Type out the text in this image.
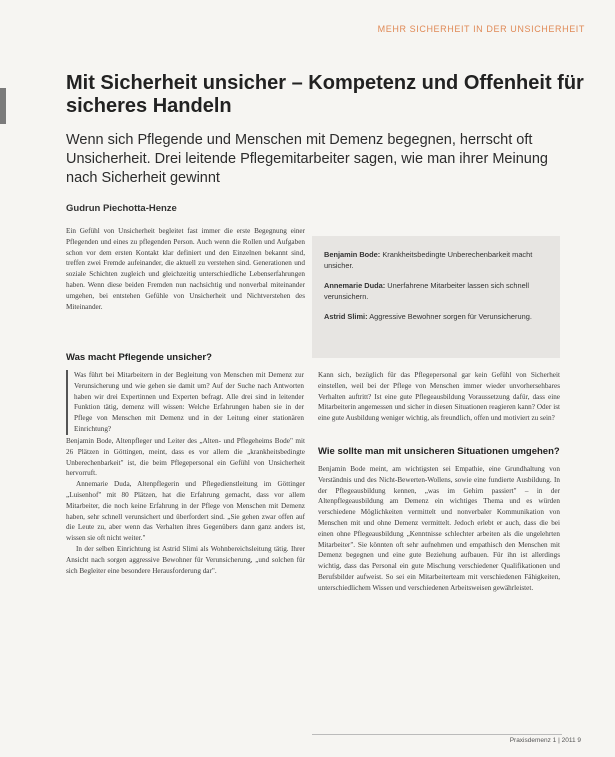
MEHR SICHERHEIT IN DER UNSICHERHEIT
Mit Sicherheit unsicher – Kompetenz und Offenheit für sicheres Handeln

Wenn sich Pflegende und Menschen mit Demenz begegnen, herrscht oft Unsicherheit. Drei leitende Pflegemitarbeiter sagen, wie man ihrer Meinung nach Sicherheit gewinnt

Gudrun Piechotta-Henze

Ein Gefühl von Unsicherheit begleitet fast immer die erste Begegnung einer Pflegenden und eines zu pflegenden Person. Auch wenn die Rollen und Aufgaben schon vor dem ersten Kontakt klar definiert und den Einzelnen bekannt sind, treffen zwei Fremde aufeinander, die aktuell zu verstehen sind. Generationen und soziale Schichten zugleich und gleichzeitig unterschiedliche Lebenserfahrungen haben. Wenn diese beiden Fremden nun nachsichtig und nonverbal miteinander umgehen, bei entstehen Gefühle von Unsicherheit und Nichtverstehen des Miteinander.

Was macht Pflegende unsicher?

Was führt bei Mitarbeitern in der Begleitung von Menschen mit Demenz zur Verunsicherung und wie gehen sie damit um? Auf der Suche nach Antworten haben wir drei Expertinnen und Experten befragt. Alle drei sind in leitender Funktion tätig, demenz will wissen: Welche Erfahrungen haben sie in der Pflege von Menschen mit Demenz und in der Leitung einer stationären Einrichtung?

Benjamin Bode, Altenpfleger und Leiter des „Alten- und Pflegeheims Bode" mit 26 Plätzen in Göttingen, meint, dass es vor allem die „krankheitsbedingte Unberechenbarkeit" ist, die beim Pflegepersonal ein Gefühl von Unsicherheit hervorruft.

Annemarie Duda, Altenpflegerin und Pflegedienstleitung im Göttinger „Luisenhof" mit 80 Plätzen, hat die Erfahrung gemacht, dass vor allem Mitarbeiter, die noch keine Erfahrung in der Pflege von Menschen mit Demenz haben, sehr schnell verunsichert und überfordert sind. „Sie gehen zwar offen auf die Leute zu, aber wenn das Verhalten ihres Gegenübers dann ganz anders ist, wissen sie oft nicht weiter."

In der selben Einrichtung ist Astrid Slimi als Wohnbereichsleitung tätig. Ihrer Ansicht nach sorgen aggressive Bewohner für Verunsicherung, „und solchen für sich Begleiter eine besondere Herausforderung dar".

Benjamin Bode: Krankheitsbedingte Unberechenbarkeit macht unsicher.

Annemarie Duda: Unerfahrene Mitarbeiter lassen sich schnell verunsichern.

Astrid Slimi: Aggressive Bewohner sorgen für Verunsicherung.

Kann sich, bezüglich für das Pflegepersonal gar kein Gefühl von Sicherheit einstellen, weil bei der Pflege von Menschen immer wieder unvorhersehbares Verhalten auftritt? Ist eine gute Pflegeausbildung Voraussetzung dafür, dass eine Mitarbeiterin angemessen und sicher in diesen Situationen reagieren kann? Oder ist eine gute Ausbildung weniger wichtig, als freundlich, offen und motiviert zu sein?

Wie sollte man mit unsicheren Situationen umgehen?

Benjamin Bode meint, am wichtigsten sei Empathie, eine Grundhaltung von Verständnis und des Nicht-Bewerten-Wollens, sowie eine fundierte Ausbildung. In der Pflegeausbildung kennen, „was im Gehirn passiert" – in der Altenpflegeausbildung am Demenz ein wichtiges Thema und es würden verschiedene Möglichkeiten vermittelt und nonverbaler Kommunikation von Menschen mit und ohne Demenz vermittelt. Jedoch erlebt er auch, dass die bei einen ohne Pflegeausbildung „Kenntnisse schlechter arbeiten als die ungelehrten Mitarbeiter". Sie könnten oft sehr aufnehmen und empathisch den Menschen mit Demenz begegnen und eine gute Beziehung aufbauen. Für ihn ist allerdings wichtig, dass das Personal ein gute Mischung verschiedener Qualifikationen und Berufsbilder aufweist. So sei ein Mitarbeiterteam mit verschiedenen Fähigkeiten, unterschiedlichem Wissen und verschiedenen Arbeitsweisen gewährleistet.

Praxisdemenz 1 | 2011 9
